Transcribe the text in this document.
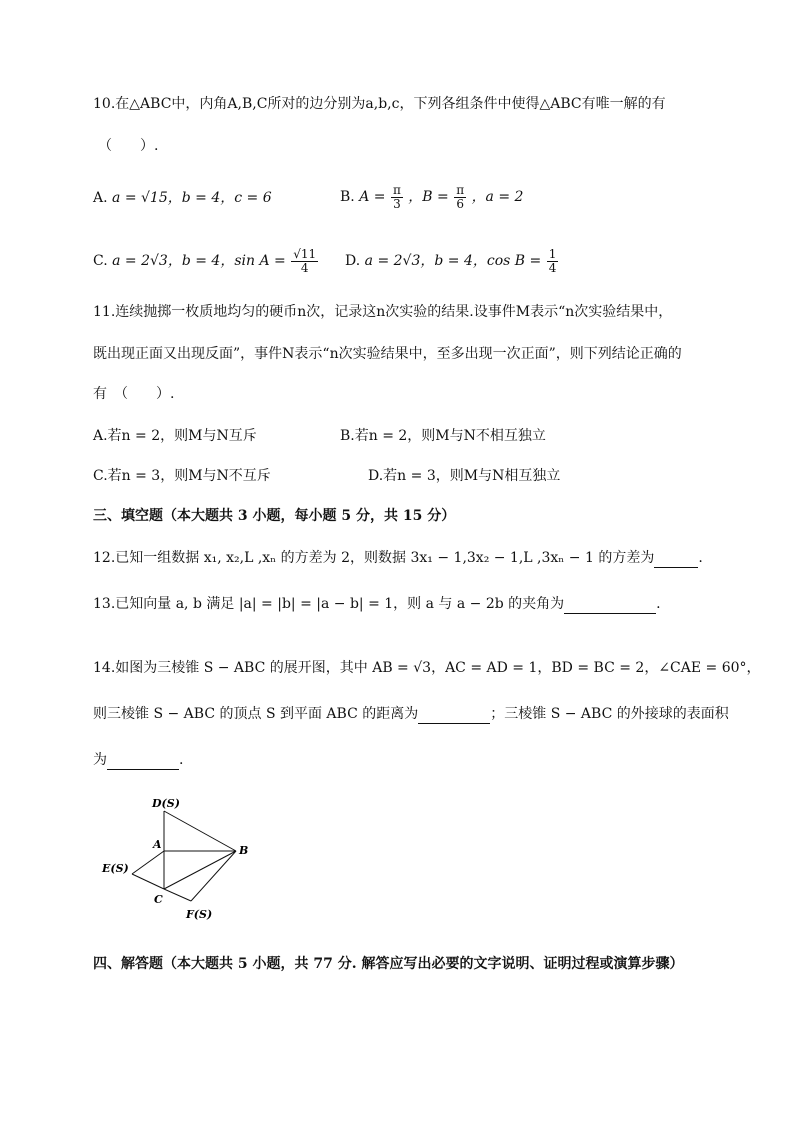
10.在△ABC中，内角A,B,C所对的边分别为a,b,c，下列各组条件中使得△ABC有唯一解的有
（　　）.
A. a = √15，b = 4，c = 6	B. $A = \frac{\pi}{3}$ ，$B = \frac{\pi}{6}$ ，a = 2
C. a = 2√3，b = 4，$\sin A = \frac{√11}{4} D$. a = 2√3，b = 4，$\cos B = \frac{1}{4}$
11.连续抛掷一枚质地均匀的硬币n次，记录这n次实验的结果.设事件M表示“n次实验结果中，
既出现正面又出现反面”，事件N表示“n次实验结果中，至多出现一次正面”，则下列结论正确的
有　（　　）.
A.若n = 2，则M与N互斥	B.若n = 2，则M与N不相互独立
C.若n = 3，则M与N不互斥	D.若n = 3，则M与N相互独立
三、填空题（本大题共 3 小题，每小题 5 分，共 15 分）
12.已知一组数据 x₁, x₂,L ,xₙ 的方差为 2，则数据 3x₁ − 1,3x₂ − 1,L ,3xₙ − 1 的方差为	.
13.已知向量 a, b 满足 |a| = |b| = |a − b| = 1，则 a 与 a − 2b 的夹角为	.
14.如图为三棱锥 S − ABC 的展开图，其中 AB = √3，AC = AD = 1，BD = BC = 2，∠CAE = 60°，
则三棱锥 S − ABC 的顶点 S 到平面 ABC 的距离为	；三棱锥 S − ABC 的外接球的表面积
为	.
D(S)
A	B
E(S)
C
F(S)
四、解答题（本大题共 5 小题，共 77 分. 解答应写出必要的文字说明、证明过程或演算步骤）
